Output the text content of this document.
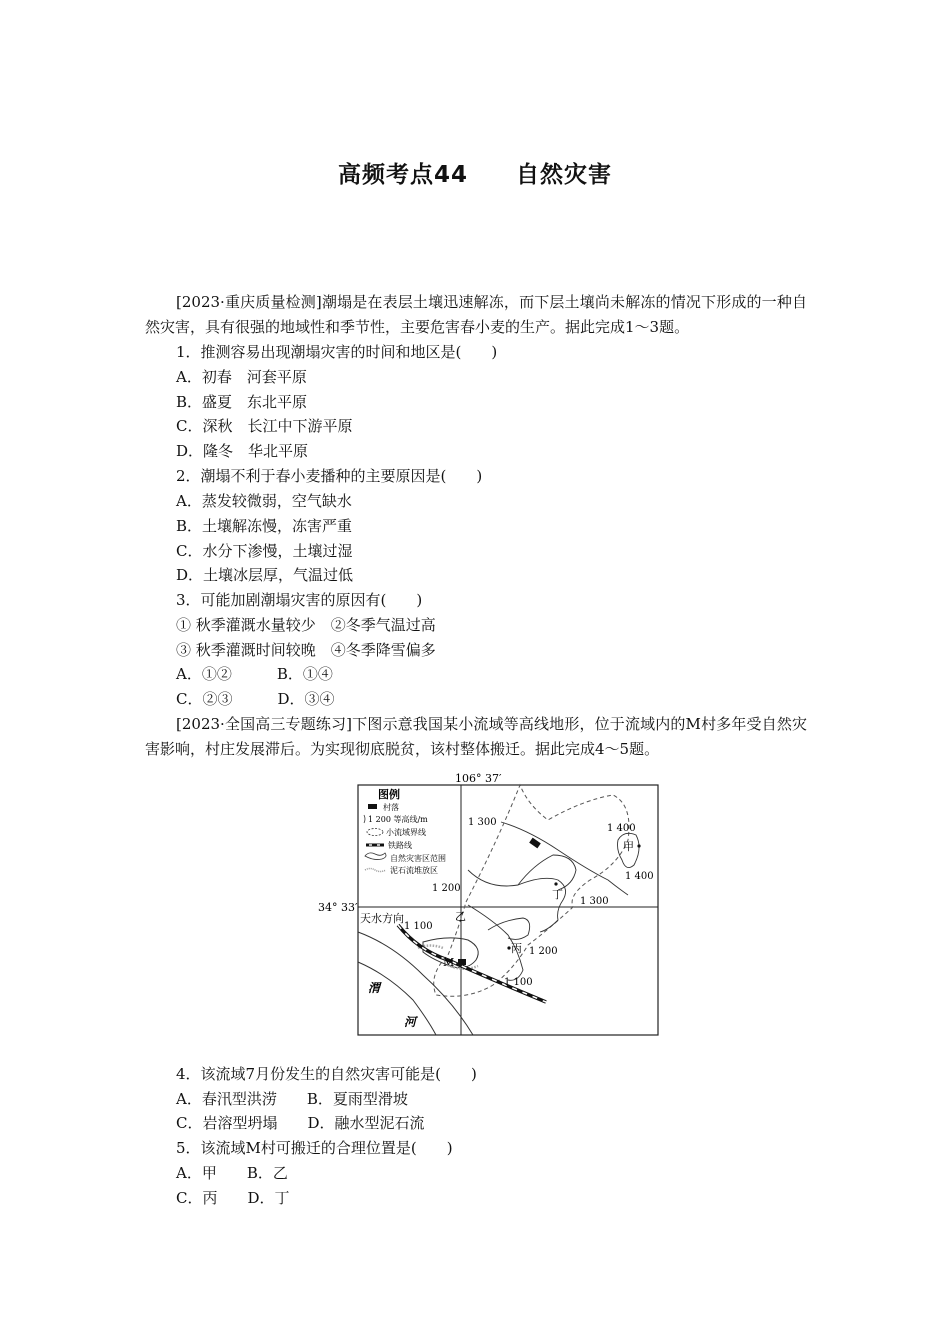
高频考点44 自然灾害
[2023·重庆质量检测]潮塌是在表层土壤迅速解冻，而下层土壤尚未解冻的情况下形成的一种自然灾害，具有很强的地域性和季节性，主要危害春小麦的生产。据此完成1～3题。
1．推测容易出现潮塌灾害的时间和地区是(　　)
A．初春　河套平原
B．盛夏　东北平原
C．深秋　长江中下游平原
D．隆冬　华北平原
2．潮塌不利于春小麦播种的主要原因是(　　)
A．蒸发较微弱，空气缺水
B．土壤解冻慢，冻害严重
C．水分下渗慢，土壤过湿
D．土壤冰层厚，气温过低
3．可能加剧潮塌灾害的原因有(　　)
① 秋季灌溉水量较少　②冬季气温过高
③ 秋季灌溉时间较晚　④冬季降雪偏多
A．①②　　　B．①④
C．②③　　　D．③④
[2023·全国高三专题练习]下图示意我国某小流域等高线地形，位于流域内的M村多年受自然灾害影响，村庄发展滞后。为实现彻底脱贫，该村整体搬迁。据此完成4～5题。
106° 37′
34° 33′
图例
村落
1 200 等高线/m
小流域界线
铁路线
自然灾害区范围
泥石流堆放区
渭
河
天水方向
甲
乙
丙
丁
M
1 300
1 400
1 400
1 200
1 300
1 100
1 200
1 100
4．该流域7月份发生的自然灾害可能是(　　)
A．春汛型洪涝　　B．夏雨型滑坡
C．岩溶型坍塌　　D．融水型泥石流
5．该流域M村可搬迁的合理位置是(　　)
A．甲　　B．乙
C．丙　　D．丁
